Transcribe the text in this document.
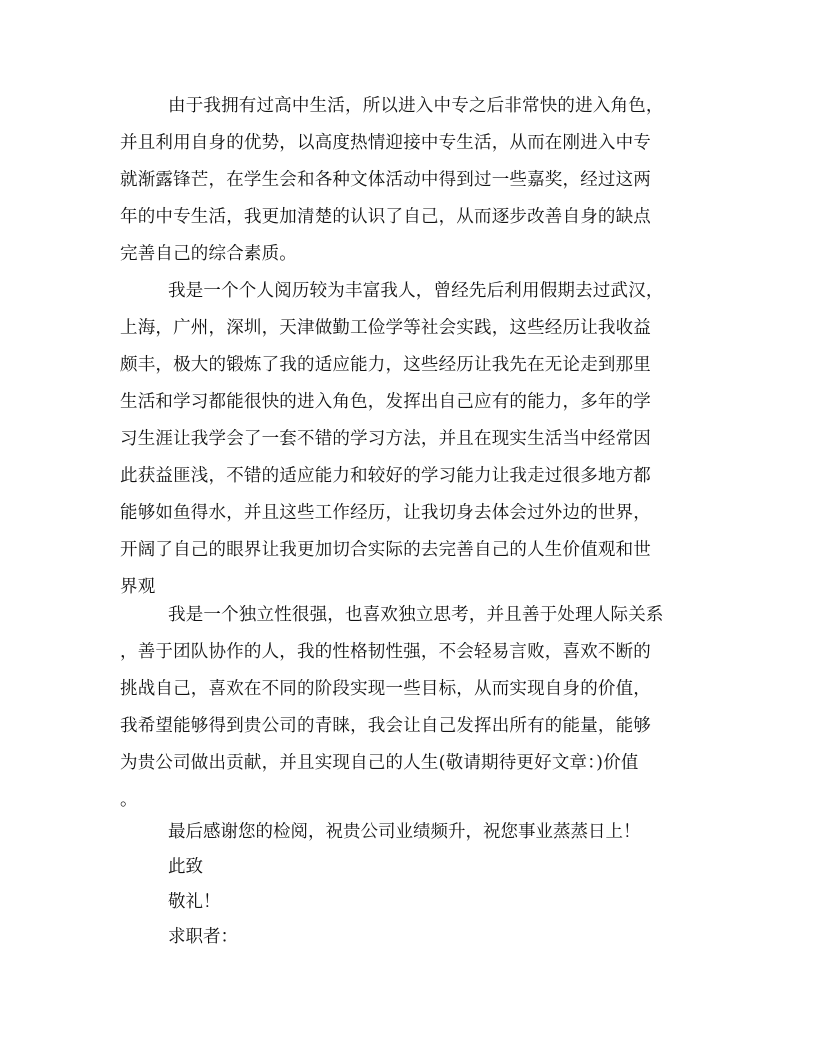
由于我拥有过高中生活，所以进入中专之后非常快的进入角色，
并且利用自身的优势，以高度热情迎接中专生活，从而在刚进入中专
就渐露锋芒，在学生会和各种文体活动中得到过一些嘉奖，经过这两
年的中专生活，我更加清楚的认识了自己，从而逐步改善自身的缺点
完善自己的综合素质。
我是一个个人阅历较为丰富我人，曾经先后利用假期去过武汉，
上海，广州，深圳，天津做勤工俭学等社会实践，这些经历让我收益
颇丰，极大的锻炼了我的适应能力，这些经历让我先在无论走到那里
生活和学习都能很快的进入角色，发挥出自己应有的能力，多年的学
习生涯让我学会了一套不错的学习方法，并且在现实生活当中经常因
此获益匪浅，不错的适应能力和较好的学习能力让我走过很多地方都
能够如鱼得水，并且这些工作经历，让我切身去体会过外边的世界，
开阔了自己的眼界让我更加切合实际的去完善自己的人生价值观和世
界观
我是一个独立性很强，也喜欢独立思考，并且善于处理人际关系
，善于团队协作的人，我的性格韧性强，不会轻易言败，喜欢不断的
挑战自己，喜欢在不同的阶段实现一些目标，从而实现自身的价值，
我希望能够得到贵公司的青睐，我会让自己发挥出所有的能量，能够
为贵公司做出贡献，并且实现自己的人生(敬请期待更好文章：)价值
。
最后感谢您的检阅，祝贵公司业绩频升，祝您事业蒸蒸日上！
此致
敬礼！
求职者：
